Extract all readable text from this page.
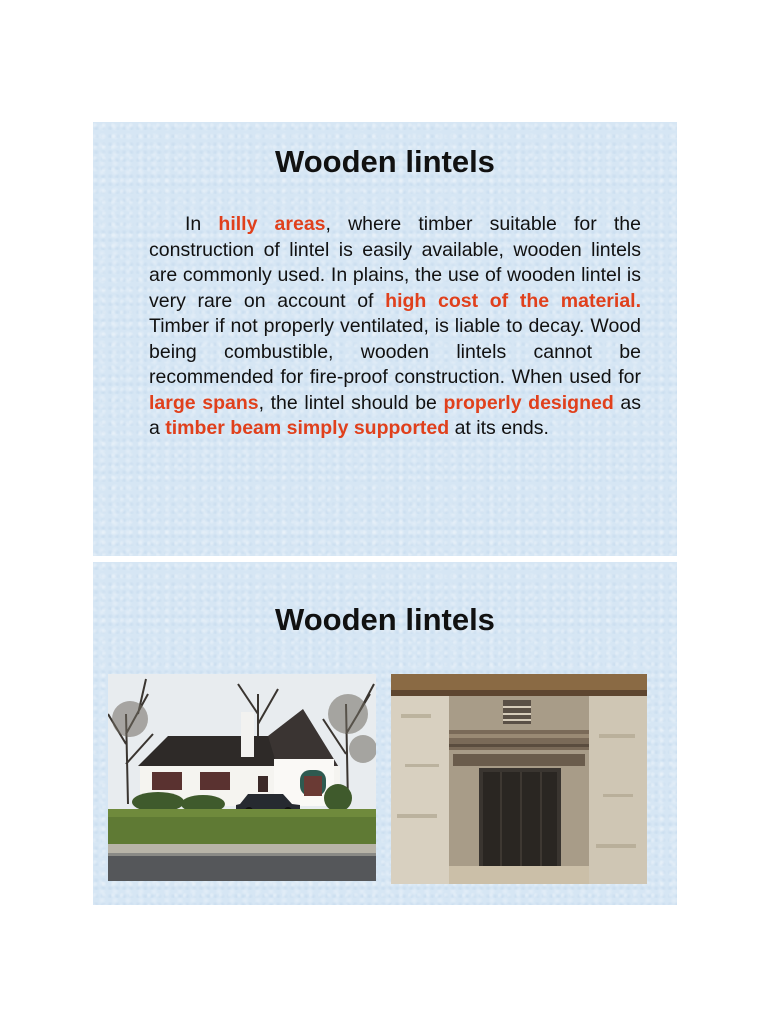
Wooden lintels

In hilly areas, where timber suitable for the construction of lintel is easily available, wooden lintels are commonly used. In plains, the use of wooden lintel is very rare on account of high cost of the material. Timber if not properly ventilated, is liable to decay. Wood being combustible, wooden lintels cannot be recommended for fire-proof construction. When used for large spans, the lintel should be properly designed as a timber beam simply supported at its ends.

Wooden lintels
